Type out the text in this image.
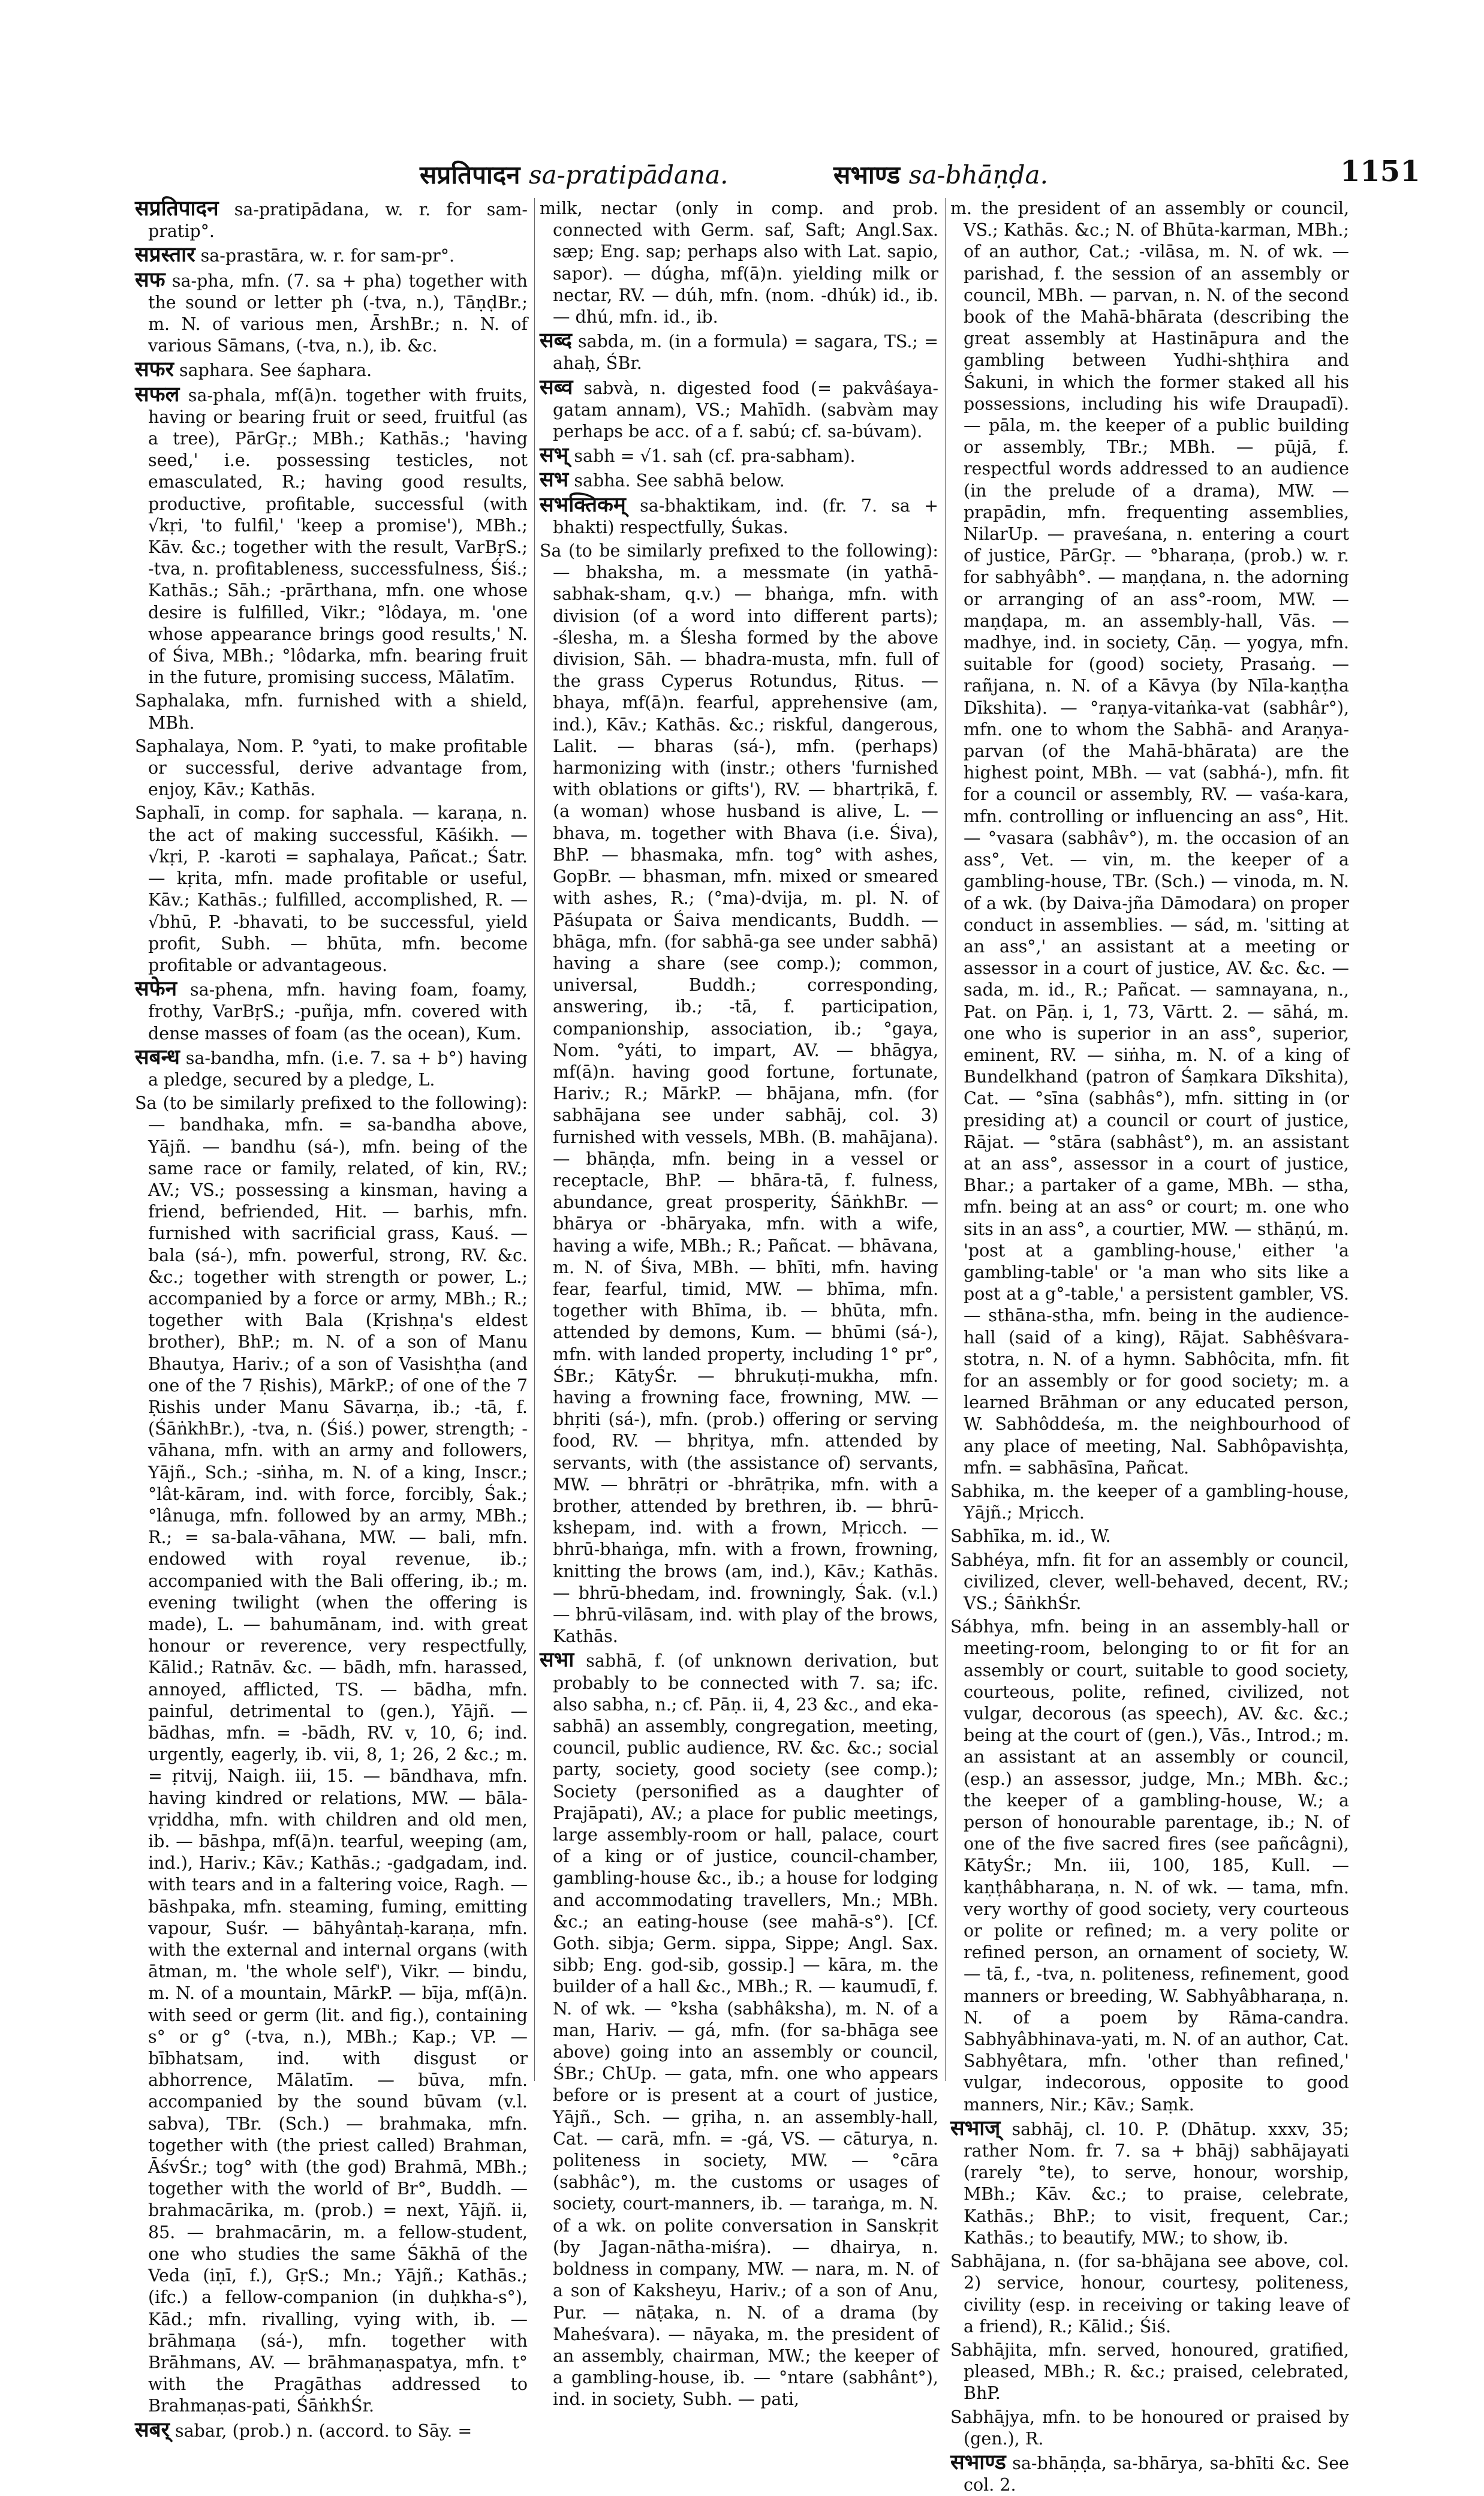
सप्रतिपादन sa-pratipādana.	सभाण्ड sa-bhāṇḍa.	1151

सप्रतिपादन sa-pratipādana, w. r. for sam-pratip°.

सप्रस्तार sa-prastāra, w. r. for sam-pr°.

सफ sa-pha, mfn. (7. sa + pha) together with the sound or letter ph (-tva, n.), TāṇḍBr.; m. N. of various men, ĀrshBr.; n. N. of various Sāmans, (-tva, n.), ib. &c.

सफर saphara. See śaphara.

सफल sa-phala, mf(ā)n. together with fruits, having or bearing fruit or seed, fruitful (as a tree), PārGṛ.; MBh.; Kathās.; 'having seed,' i.e. possessing testicles, not emasculated, R.; having good results, productive, profitable, successful (with √kṛi, 'to fulfil,' 'keep a promise'), MBh.; Kāv. &c.; together with the result, VarBṛS.; -tva, n. profitableness, successfulness, Śiś.; Kathās.; Sāh.; -prārthana, mfn. one whose desire is fulfilled, Vikr.; °lôdaya, m. 'one whose appearance brings good results,' N. of Śiva, MBh.; °lôdarka, mfn. bearing fruit in the future, promising success, Mālatīm.

Saphalaka, mfn. furnished with a shield, MBh.

Saphalaya, Nom. P. °yati, to make profitable or successful, derive advantage from, enjoy, Kāv.; Kathās.

Saphalī, in comp. for saphala. — karaṇa, n. the act of making successful, Kāśikh. — √kṛi, P. -karoti = saphalaya, Pañcat.; Śatr. — kṛita, mfn. made profitable or useful, Kāv.; Kathās.; fulfilled, accomplished, R. — √bhū, P. -bhavati, to be successful, yield profit, Subh. — bhūta, mfn. become profitable or advantageous.

सफेन sa-phena, mfn. having foam, foamy, frothy, VarBṛS.; -puñja, mfn. covered with dense masses of foam (as the ocean), Kum.

सबन्ध sa-bandha, mfn. (i.e. 7. sa + b°) having a pledge, secured by a pledge, L.

Sa (to be similarly prefixed to the following): — bandhaka, mfn. = sa-bandha above, Yājñ. — bandhu (sá-), mfn. being of the same race or family, related, of kin, RV.; AV.; VS.; possessing a kinsman, having a friend, befriended, Hit. — barhis, mfn. furnished with sacrificial grass, Kauś. — bala (sá-), mfn. powerful, strong, RV. &c. &c.; together with strength or power, L.; accompanied by a force or army, MBh.; R.; together with Bala (Kṛishṇa's eldest brother), BhP.; m. N. of a son of Manu Bhautya, Hariv.; of a son of Vasishṭha (and one of the 7 Ṛishis), MārkP.; of one of the 7 Ṛishis under Manu Sāvarṇa, ib.; -tā, f. (ŚāṅkhBr.), -tva, n. (Śiś.) power, strength; -vāhana, mfn. with an army and followers, Yājñ., Sch.; -siṅha, m. N. of a king, Inscr.; °lât-kāram, ind. with force, forcibly, Śak.; °lânuga, mfn. followed by an army, MBh.; R.; = sa-bala-vāhana, MW. — bali, mfn. endowed with royal revenue, ib.; accompanied with the Bali offering, ib.; m. evening twilight (when the offering is made), L. — bahumānam, ind. with great honour or reverence, very respectfully, Kālid.; Ratnāv. &c. — bādh, mfn. harassed, annoyed, afflicted, TS. — bādha, mfn. painful, detrimental to (gen.), Yājñ. — bādhas, mfn. = -bādh, RV. v, 10, 6; ind. urgently, eagerly, ib. vii, 8, 1; 26, 2 &c.; m. = ṛitvij, Naigh. iii, 15. — bāndhava, mfn. having kindred or relations, MW. — bāla-vṛiddha, mfn. with children and old men, ib. — bāshpa, mf(ā)n. tearful, weeping (am, ind.), Hariv.; Kāv.; Kathās.; -gadgadam, ind. with tears and in a faltering voice, Ragh. — bāshpaka, mfn. steaming, fuming, emitting vapour, Suśr. — bāhyântaḥ-karaṇa, mfn. with the external and internal organs (with ātman, m. 'the whole self'), Vikr. — bindu, m. N. of a mountain, MārkP. — bīja, mf(ā)n. with seed or germ (lit. and fig.), containing s° or g° (-tva, n.), MBh.; Kap.; VP. — bībhatsam, ind. with disgust or abhorrence, Mālatīm. — būva, mfn. accompanied by the sound būvam (v.l. sabva), TBr. (Sch.) — brahmaka, mfn. together with (the priest called) Brahman, ĀśvŚr.; tog° with (the god) Brahmā, MBh.; together with the world of Br°, Buddh. — brahmacārika, m. (prob.) = next, Yājñ. ii, 85. — brahmacārin, m. a fellow-student, one who studies the same Śākhā of the Veda (iṇī, f.), GṛS.; Mn.; Yājñ.; Kathās.; (ifc.) a fellow-companion (in duḥkha-s°), Kād.; mfn. rivalling, vying with, ib. — brāhmaṇa (sá-), mfn. together with Brāhmans, AV. — brāhmaṇaspatya, mfn. t° with the Pragāthas addressed to Brahmaṇas-pati, ŚāṅkhŚr.

सबर् sabar, (prob.) n. (accord. to Sāy. =

milk, nectar (only in comp. and prob. connected with Germ. saf, Saft; Angl.Sax. sæp; Eng. sap; perhaps also with Lat. sapio, sapor). — dúgha, mf(ā)n. yielding milk or nectar, RV. — dúh, mfn. (nom. -dhúk) id., ib. — dhú, mfn. id., ib.

सब्द sabda, m. (in a formula) = sagara, TS.; = ahaḥ, ŚBr.

सब्व sabvà, n. digested food (= pakvâśaya-gatam annam), VS.; Mahīdh. (sabvàm may perhaps be acc. of a f. sabú; cf. sa-búvam).

सभ् sabh = √1. sah (cf. pra-sabham).

सभ sabha. See sabhā below.

सभक्तिकम् sa-bhaktikam, ind. (fr. 7. sa + bhakti) respectfully, Śukas.

Sa (to be similarly prefixed to the following): — bhaksha, m. a messmate (in yathā-sabhak-sham, q.v.) — bhaṅga, mfn. with division (of a word into different parts); -ślesha, m. a Ślesha formed by the above division, Sāh. — bhadra-musta, mfn. full of the grass Cyperus Rotundus, Ṛitus. — bhaya, mf(ā)n. fearful, apprehensive (am, ind.), Kāv.; Kathās. &c.; riskful, dangerous, Lalit. — bharas (sá-), mfn. (perhaps) harmonizing with (instr.; others 'furnished with oblations or gifts'), RV. — bhartṛikā, f. (a woman) whose husband is alive, L. — bhava, m. together with Bhava (i.e. Śiva), BhP. — bhasmaka, mfn. tog° with ashes, GopBr. — bhasman, mfn. mixed or smeared with ashes, R.; (°ma)-dvija, m. pl. N. of Pāśupata or Śaiva mendicants, Buddh. — bhāga, mfn. (for sabhā-ga see under sabhā) having a share (see comp.); common, universal, Buddh.; corresponding, answering, ib.; -tā, f. participation, companionship, association, ib.; °gaya, Nom. °yáti, to impart, AV. — bhāgya, mf(ā)n. having good fortune, fortunate, Hariv.; R.; MārkP. — bhājana, mfn. (for sabhājana see under sabhāj, col. 3) furnished with vessels, MBh. (B. mahājana). — bhāṇḍa, mfn. being in a vessel or receptacle, BhP. — bhāra-tā, f. fulness, abundance, great prosperity, ŚāṅkhBr. — bhārya or -bhāryaka, mfn. with a wife, having a wife, MBh.; R.; Pañcat. — bhāvana, m. N. of Śiva, MBh. — bhīti, mfn. having fear, fearful, timid, MW. — bhīma, mfn. together with Bhīma, ib. — bhūta, mfn. attended by demons, Kum. — bhūmi (sá-), mfn. with landed property, including 1° pr°, ŚBr.; KātyŚr. — bhrukuṭi-mukha, mfn. having a frowning face, frowning, MW. — bhṛiti (sá-), mfn. (prob.) offering or serving food, RV. — bhṛitya, mfn. attended by servants, with (the assistance of) servants, MW. — bhrātṛi or -bhrātṛika, mfn. with a brother, attended by brethren, ib. — bhrū-kshepam, ind. with a frown, Mṛicch. — bhrū-bhaṅga, mfn. with a frown, frowning, knitting the brows (am, ind.), Kāv.; Kathās. — bhrū-bhedam, ind. frowningly, Śak. (v.l.) — bhrū-vilāsam, ind. with play of the brows, Kathās.

सभा sabhā, f. (of unknown derivation, but probably to be connected with 7. sa; ifc. also sabha, n.; cf. Pāṇ. ii, 4, 23 &c., and eka-sabhā) an assembly, congregation, meeting, council, public audience, RV. &c. &c.; social party, society, good society (see comp.); Society (personified as a daughter of Prajāpati), AV.; a place for public meetings, large assembly-room or hall, palace, court of a king or of justice, council-chamber, gambling-house &c., ib.; a house for lodging and accommodating travellers, Mn.; MBh. &c.; an eating-house (see mahā-s°). [Cf. Goth. sibja; Germ. sippa, Sippe; Angl. Sax. sibb; Eng. god-sib, gossip.] — kāra, m. the builder of a hall &c., MBh.; R. — kaumudī, f. N. of wk. — °ksha (sabhâksha), m. N. of a man, Hariv. — gá, mfn. (for sa-bhāga see above) going into an assembly or council, ŚBr.; ChUp. — gata, mfn. one who appears before or is present at a court of justice, Yājñ., Sch. — gṛiha, n. an assembly-hall, Cat. — carā, mfn. = -gá, VS. — cāturya, n. politeness in society, MW. — °cāra (sabhâc°), m. the customs or usages of society, court-manners, ib. — taraṅga, m. N. of a wk. on polite conversation in Sanskṛit (by Jagan-nātha-miśra). — dhairya, n. boldness in company, MW. — nara, m. N. of a son of Kaksheyu, Hariv.; of a son of Anu, Pur. — nāṭaka, n. N. of a drama (by Maheśvara). — nāyaka, m. the president of an assembly, chairman, MW.; the keeper of a gambling-house, ib. — °ntare (sabhânt°), ind. in society, Subh. — pati,

m. the president of an assembly or council, VS.; Kathās. &c.; N. of Bhūta-karman, MBh.; of an author, Cat.; -vilāsa, m. N. of wk. — parishad, f. the session of an assembly or council, MBh. — parvan, n. N. of the second book of the Mahā-bhārata (describing the great assembly at Hastināpura and the gambling between Yudhi-shṭhira and Śakuni, in which the former staked all his possessions, including his wife Draupadī). — pāla, m. the keeper of a public building or assembly, TBr.; MBh. — pūjā, f. respectful words addressed to an audience (in the prelude of a drama), MW. — prapādin, mfn. frequenting assemblies, NilarUp. — praveśana, n. entering a court of justice, PārGṛ. — °bharaṇa, (prob.) w. r. for sabhyâbh°. — maṇḍana, n. the adorning or arranging of an ass°-room, MW. — maṇḍapa, m. an assembly-hall, Vās. — madhye, ind. in society, Cāṇ. — yogya, mfn. suitable for (good) society, Prasaṅg. — rañjana, n. N. of a Kāvya (by Nīla-kaṇṭha Dīkshita). — °raṇya-vitaṅka-vat (sabhâr°), mfn. one to whom the Sabhā- and Araṇya-parvan (of the Mahā-bhārata) are the highest point, MBh. — vat (sabhá-), mfn. fit for a council or assembly, RV. — vaśa-kara, mfn. controlling or influencing an ass°, Hit. — °vasara (sabhâv°), m. the occasion of an ass°, Vet. — vin, m. the keeper of a gambling-house, TBr. (Sch.) — vinoda, m. N. of a wk. (by Daiva-jña Dāmodara) on proper conduct in assemblies. — sád, m. 'sitting at an ass°,' an assistant at a meeting or assessor in a court of justice, AV. &c. &c. — sada, m. id., R.; Pañcat. — samnayana, n., Pat. on Pāṇ. i, 1, 73, Vārtt. 2. — sāhá, m. one who is superior in an ass°, superior, eminent, RV. — siṅha, m. N. of a king of Bundelkhand (patron of Śaṃkara Dīkshita), Cat. — °sīna (sabhâs°), mfn. sitting in (or presiding at) a council or court of justice, Rājat. — °stāra (sabhâst°), m. an assistant at an ass°, assessor in a court of justice, Bhar.; a partaker of a game, MBh. — stha, mfn. being at an ass° or court; m. one who sits in an ass°, a courtier, MW. — sthāṇú, m. 'post at a gambling-house,' either 'a gambling-table' or 'a man who sits like a post at a g°-table,' a persistent gambler, VS. — sthāna-stha, mfn. being in the audience-hall (said of a king), Rājat. Sabhêśvara-stotra, n. N. of a hymn. Sabhôcita, mfn. fit for an assembly or for good society; m. a learned Brāhman or any educated person, W. Sabhôddeśa, m. the neighbourhood of any place of meeting, Nal. Sabhôpavishṭa, mfn. = sabhāsīna, Pañcat.

Sabhika, m. the keeper of a gambling-house, Yājñ.; Mṛicch.

Sabhīka, m. id., W.

Sabhéya, mfn. fit for an assembly or council, civilized, clever, well-behaved, decent, RV.; VS.; ŚāṅkhŚr.

Sábhya, mfn. being in an assembly-hall or meeting-room, belonging to or fit for an assembly or court, suitable to good society, courteous, polite, refined, civilized, not vulgar, decorous (as speech), AV. &c. &c.; being at the court of (gen.), Vās., Introd.; m. an assistant at an assembly or council, (esp.) an assessor, judge, Mn.; MBh. &c.; the keeper of a gambling-house, W.; a person of honourable parentage, ib.; N. of one of the five sacred fires (see pañcâgni), KātyŚr.; Mn. iii, 100, 185, Kull. — kaṇṭhâbharaṇa, n. N. of wk. — tama, mfn. very worthy of good society, very courteous or polite or refined; m. a very polite or refined person, an ornament of society, W. — tā, f., -tva, n. politeness, refinement, good manners or breeding, W. Sabhyâbharaṇa, n. N. of a poem by Rāma-candra. Sabhyâbhinava-yati, m. N. of an author, Cat. Sabhyêtara, mfn. 'other than refined,' vulgar, indecorous, opposite to good manners, Nir.; Kāv.; Saṃk.

सभाज् sabhāj, cl. 10. P. (Dhātup. xxxv, 35; rather Nom. fr. 7. sa + bhāj) sabhājayati (rarely °te), to serve, honour, worship, MBh.; Kāv. &c.; to praise, celebrate, Kathās.; BhP.; to visit, frequent, Car.; Kathās.; to beautify, MW.; to show, ib.

Sabhājana, n. (for sa-bhājana see above, col. 2) service, honour, courtesy, politeness, civility (esp. in receiving or taking leave of a friend), R.; Kālid.; Śiś.

Sabhājita, mfn. served, honoured, gratified, pleased, MBh.; R. &c.; praised, celebrated, BhP.

Sabhājya, mfn. to be honoured or praised by (gen.), R.

सभाण्ड sa-bhāṇḍa, sa-bhārya, sa-bhīti &c. See col. 2.
